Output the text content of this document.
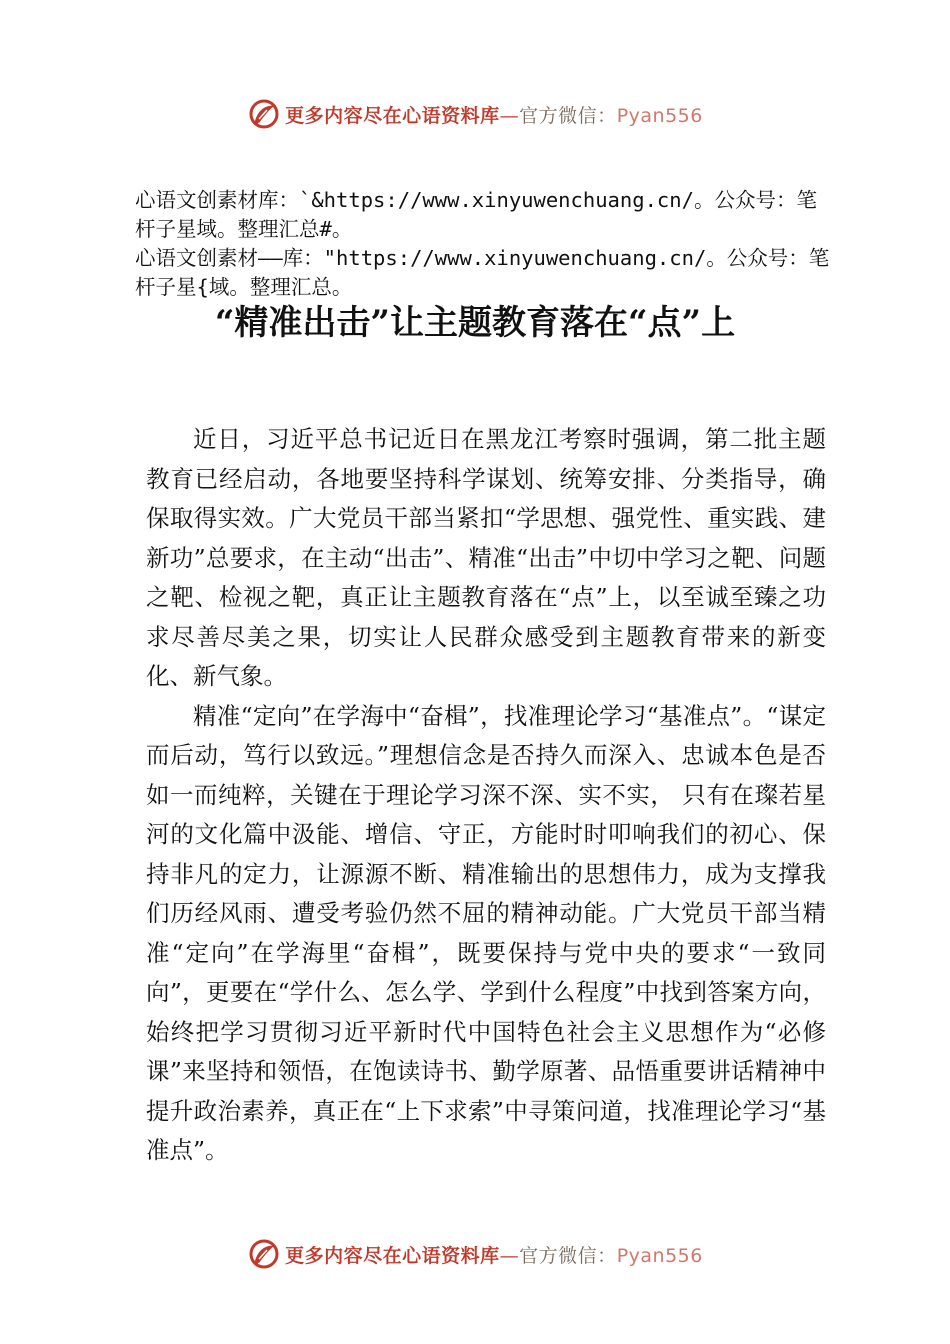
更多内容尽在心语资料库—官方微信：Pyan556

心语文创素材库：`&https://www.xinyuwenchuang.cn/。公众号：笔杆子星域。整理汇总#。

心语文创素材——库："https://www.xinyuwenchuang.cn/。公众号：笔杆子星{域。整理汇总。

“精准出击”让主题教育落在“点”上

近日，习近平总书记近日在黑龙江考察时强调，第二批主题教育已经启动，各地要坚持科学谋划、统筹安排、分类指导，确保取得实效。广大党员干部当紧扣“学思想、强党性、重实践、建新功”总要求，在主动“出击”、精准“出击”中切中学习之靶、问题之靶、检视之靶，真正让主题教育落在“点”上，以至诚至臻之功求尽善尽美之果，切实让人民群众感受到主题教育带来的新变化、新气象。

精准“定向”在学海中“奋楫”，找准理论学习“基准点”。“谋定而后动，笃行以致远。”理想信念是否持久而深入、忠诚本色是否如一而纯粹，关键在于理论学习深不深、实不实， 只有在璨若星河的文化篇中汲能、增信、守正，方能时时叩响我们的初心、保持非凡的定力，让源源不断、精准输出的思想伟力，成为支撑我们历经风雨、遭受考验仍然不屈的精神动能。广大党员干部当精准“定向”在学海里“奋楫”，既要保持与党中央的要求“一致同向”，更要在“学什么、怎么学、学到什么程度”中找到答案方向，始终把学习贯彻习近平新时代中国特色社会主义思想作为“必修课”来坚持和领悟，在饱读诗书、勤学原著、品悟重要讲话精神中提升政治素养，真正在“上下求索”中寻策问道，找准理论学习“基准点”。

更多内容尽在心语资料库—官方微信：Pyan556
